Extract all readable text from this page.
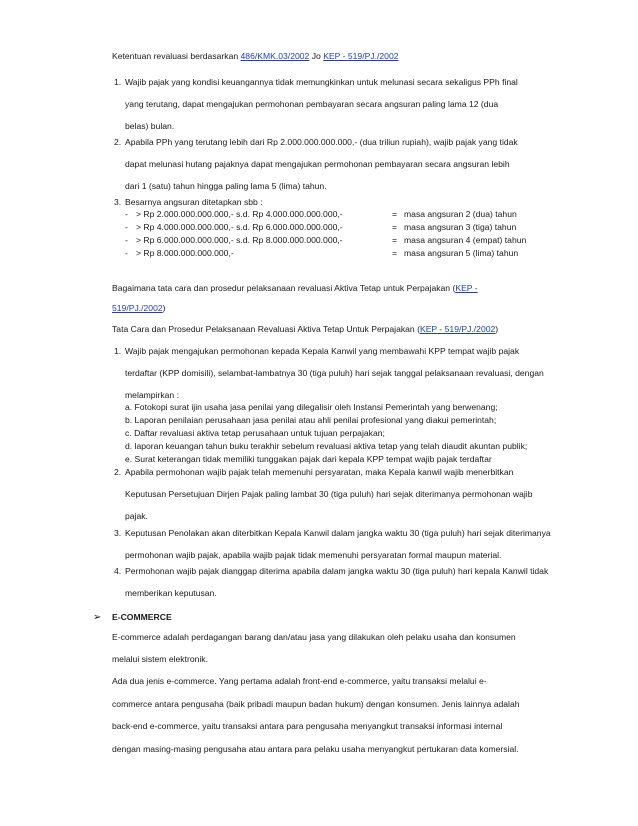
Ketentuan revaluasi berdasarkan 486/KMK.03/2002 Jo KEP - 519/PJ./2002
1. Wajib pajak yang kondisi keuangannya tidak memungkinkan untuk melunasi secara sekaligus PPh final
yang terutang, dapat mengajukan permohonan pembayaran secara angsuran paling lama 12 (dua
belas) bulan.
2. Apabila PPh yang terutang lebih dari Rp 2.000.000.000.000,- (dua triliun rupiah), wajib pajak yang tidak
dapat melunasi hutang pajaknya dapat mengajukan permohonan pembayaran secara angsuran lebih
dari 1 (satu) tahun hingga paling lama 5 (lima) tahun.
3. Besarnya angsuran ditetapkan sbb :
- > Rp 2.000.000.000.000,- s.d. Rp 4.000.000.000.000,-	= masa angsuran 2 (dua) tahun
- > Rp 4.000.000.000.000,- s.d. Rp 6.000.000.000.000,-	= masa angsuran 3 (tiga) tahun
- > Rp 6.000.000.000.000,- s.d. Rp 8.000.000.000.000,-	= masa angsuran 4 (empat) tahun
- > Rp 8.000.000.000.000,-	= masa angsuran 5 (lima) tahun
Bagaimana tata cara dan prosedur pelaksanaan revaluasi Aktiva Tetap untuk Perpajakan (KEP -
519/PJ./2002)
Tata Cara dan Prosedur Pelaksanaan Revaluasi Aktiva Tetap Untuk Perpajakan (KEP - 519/PJ./2002)
1. Wajib pajak mengajukan permohonan kepada Kepala Kanwil yang membawahi KPP tempat wajib pajak
terdaftar (KPP domisili), selambat-lambatnya 30 (tiga puluh) hari sejak tanggal pelaksanaan revaluasi, dengan
melampirkan :
a. Fotokopi surat ijin usaha jasa penilai yang dilegalisir oleh Instansi Pemerintah yang berwenang;
b. Laporan penilaian perusahaan jasa penilai atau ahli penilai profesional yang diakui pemerintah;
c. Daftar revaluasi aktiva tetap perusahaan untuk tujuan perpajakan;
d. laporan keuangan tahun buku terakhir sebelum revaluasi aktiva tetap yang telah diaudit akuntan publik;
e. Surat keterangan tidak memiliki tunggakan pajak dari kepala KPP tempat wajib pajak terdaftar
2. Apabila permohonan wajib pajak telah memenuhi persyaratan, maka Kepala kanwil wajib menerbitkan
Keputusan Persetujuan Dirjen Pajak paling lambat 30 (tiga puluh) hari sejak diterimanya permohonan wajib
pajak.
3. Keputusan Penolakan akan diterbitkan Kepala Kanwil dalam jangka waktu 30 (tiga puluh) hari sejak diterimanya
permohonan wajib pajak, apabila wajib pajak tidak memenuhi persyaratan formal maupun material.
4. Permohonan wajib pajak dianggap diterima apabila dalam jangka waktu 30 (tiga puluh) hari kepala Kanwil tidak
memberikan keputusan.
➢ E-COMMERCE
E-commerce adalah perdagangan barang dan/atau jasa yang dilakukan oleh pelaku usaha dan konsumen
melalui sistem elektronik.
Ada dua jenis e-commerce. Yang pertama adalah front-end e-commerce, yaitu transaksi melalui e-
commerce antara pengusaha (baik pribadi maupun badan hukum) dengan konsumen. Jenis lainnya adalah
back-end e-commerce, yaitu transaksi antara para pengusaha menyangkut transaksi informasi internal
dengan masing-masing pengusaha atau antara para pelaku usaha menyangkut pertukaran data komersial.
